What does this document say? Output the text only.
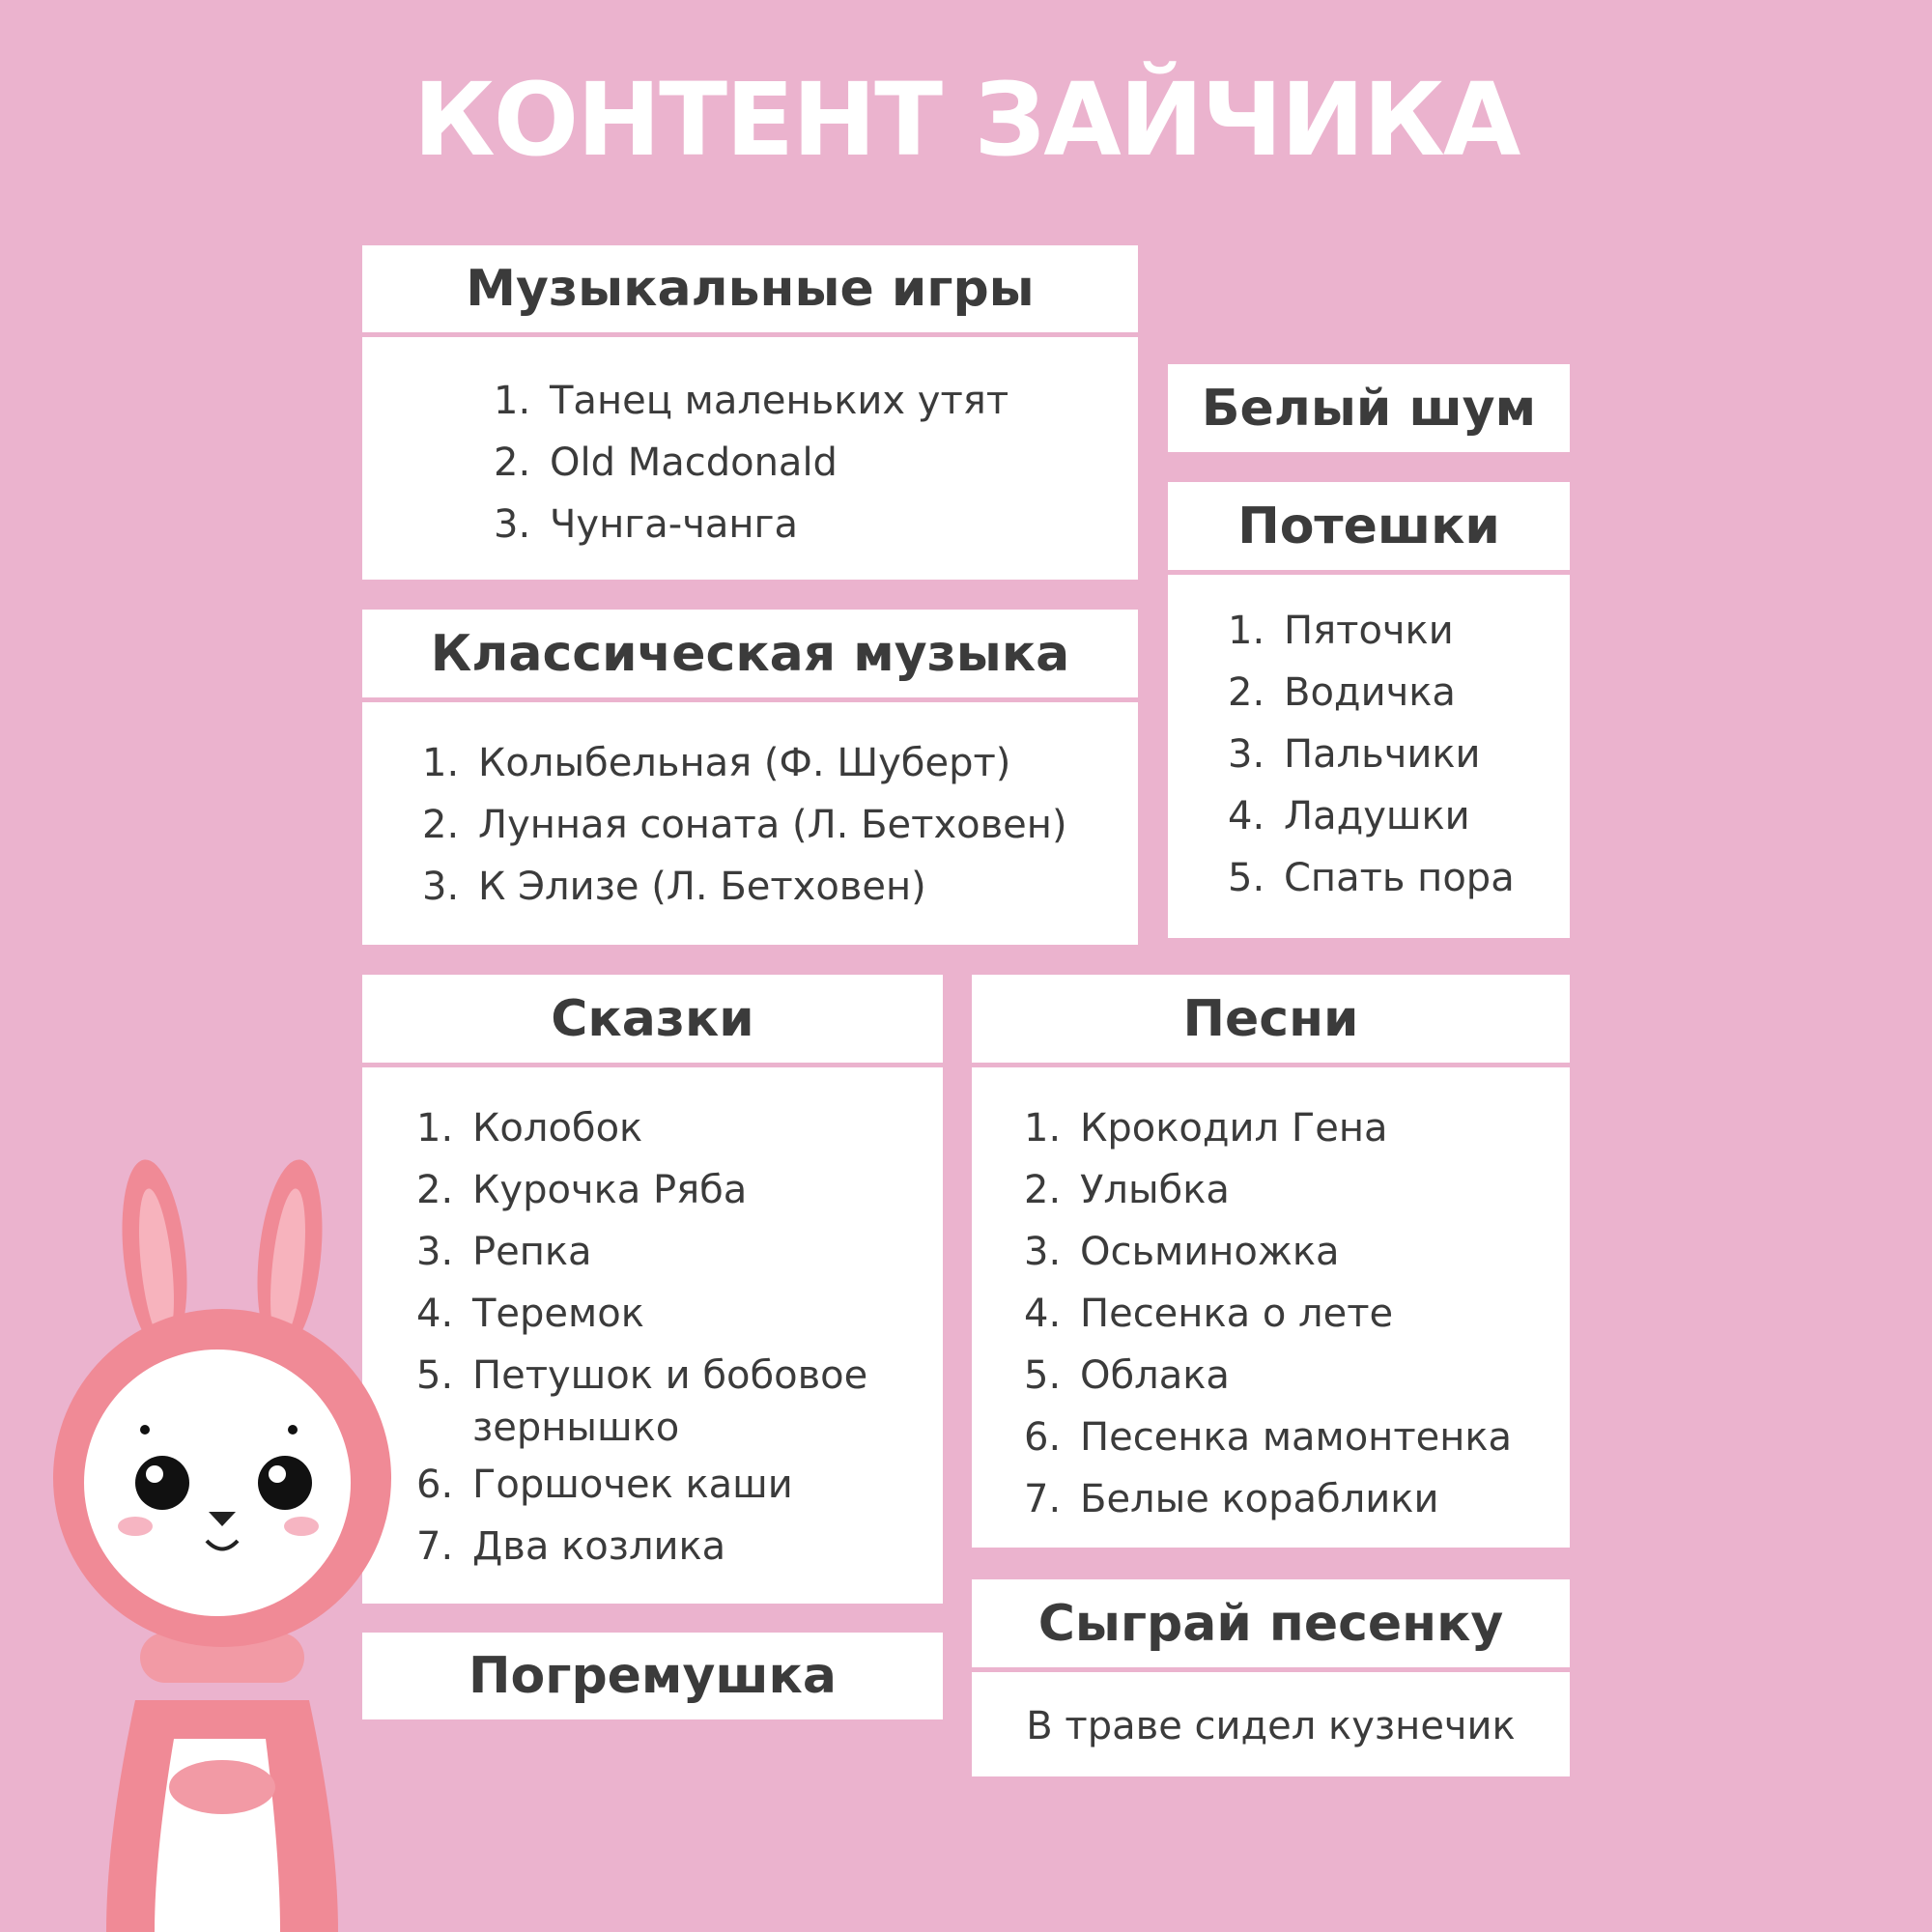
КОНТЕНТ ЗАЙЧИКА
Музыкальные игры
1. Танец маленьких утят
2. Old Macdonald
3. Чунга-чанга
Белый шум
Потешки
1. Пяточки
2. Водичка
3. Пальчики
4. Ладушки
5. Спать пора
Классическая музыка
1. Колыбельная (Ф. Шуберт)
2. Лунная соната (Л. Бетховен)
3. К Элизе (Л. Бетховен)
Сказки
1. Колобок
2. Курочка Ряба
3. Репка
4. Теремок
5. Петушок и бобовое зернышко
6. Горшочек каши
7. Два козлика
Песни
1. Крокодил Гена
2. Улыбка
3. Осьминожка
4. Песенка о лете
5. Облака
6. Песенка мамонтенка
7. Белые кораблики
Погремушка
Сыграй песенку
В траве сидел кузнечик
